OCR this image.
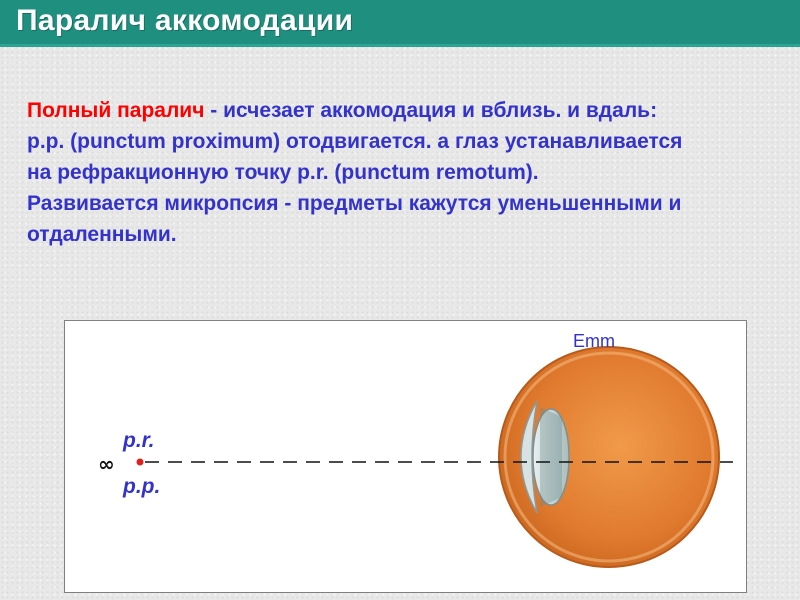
Паралич аккомодации

Полный паралич - исчезает аккомодация и вблизь. и вдаль:

p.p. (punctum proximum) отодвигается. а глаз устанавливается

на рефракционную точку p.r. (punctum remotum).

Развивается микропсия - предметы кажутся уменьшенными и

отдаленными.

Emm
p.r.
p.p.
∞
